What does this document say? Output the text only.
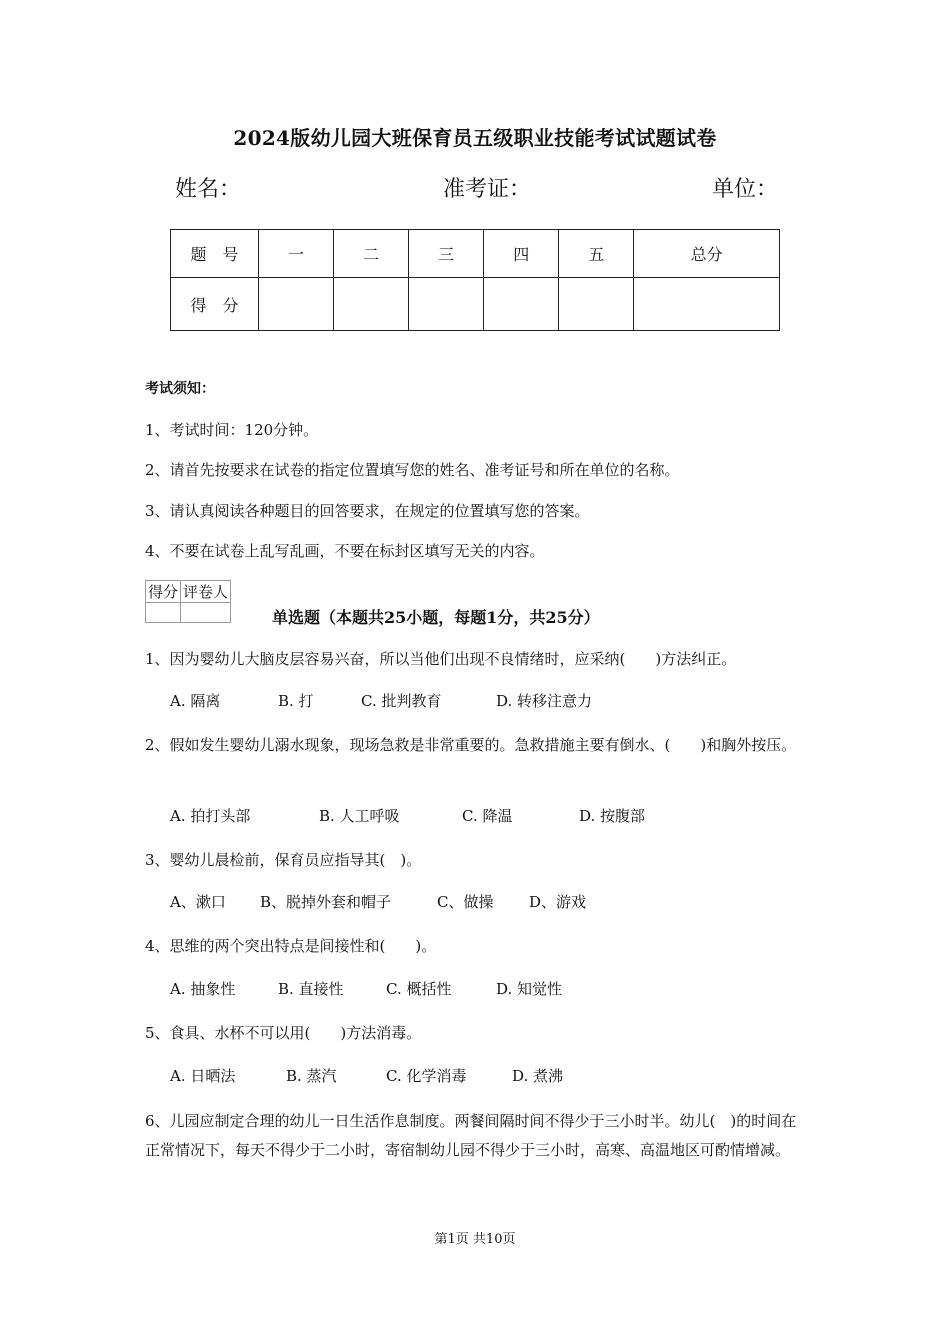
2024版幼儿园大班保育员五级职业技能考试试题试卷
姓名：	准考证：	单位：
题　号	一	二	三	四	五	总分
得　分						
考试须知：
1、考试时间：120分钟。
2、请首先按要求在试卷的指定位置填写您的姓名、准考证号和所在单位的名称。
3、请认真阅读各种题目的回答要求，在规定的位置填写您的答案。
4、不要在试卷上乱写乱画，不要在标封区填写无关的内容。
得分	评卷人

单选题（本题共25小题，每题1分，共25分）
1、因为婴幼儿大脑皮层容易兴奋，所以当他们出现不良情绪时，应采纳(　　)方法纠正。
A. 隔离	B. 打	C. 批判教育	D. 转移注意力
2、假如发生婴幼儿溺水现象，现场急救是非常重要的。急救措施主要有倒水、(　　)和胸外按压。
A. 拍打头部	B. 人工呼吸	C. 降温	D. 按腹部
3、婴幼儿晨检前，保育员应指导其(　)。
A、漱口 B、脱掉外套和帽子	C、做操 D、游戏
4、思维的两个突出特点是间接性和(　　)。
A. 抽象性	B. 直接性	C. 概括性	D. 知觉性
5、食具、水杯不可以用(　　)方法消毒。
A. 日晒法	B. 蒸汽	C. 化学消毒	D. 煮沸
6、儿园应制定合理的幼儿一日生活作息制度。两餐间隔时间不得少于三小时半。幼儿(　)的时间在正常情况下，每天不得少于二小时，寄宿制幼儿园不得少于三小时，高寒、高温地区可酌情增减。
第1页 共10页
